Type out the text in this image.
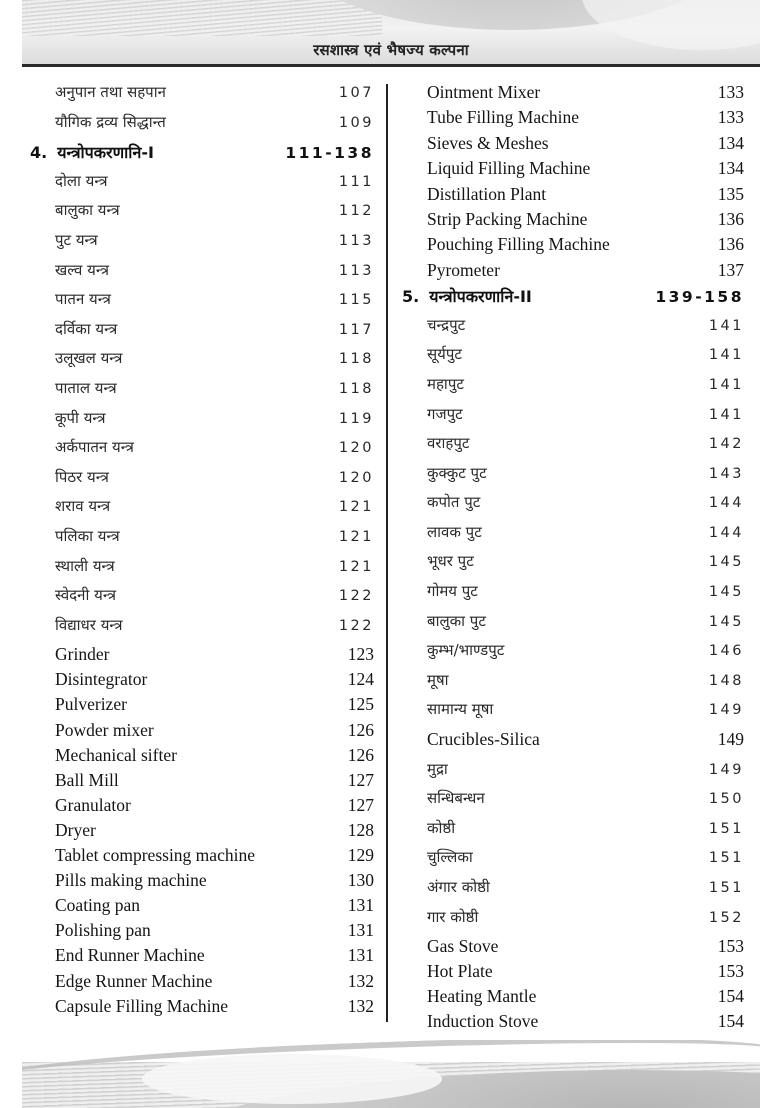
रसशास्त्र एवं भैषज्य कल्पना
अनुपान तथा सहपान	107
यौगिक द्रव्य सिद्धान्त	109
4. यन्त्रोपकरणानि-I	111-138
दोला यन्त्र	111
बालुका यन्त्र	112
पुट यन्त्र	113
खल्व यन्त्र	113
पातन यन्त्र	115
दर्विका यन्त्र	117
उलूखल यन्त्र	118
पाताल यन्त्र	118
कूपी यन्त्र	119
अर्कपातन यन्त्र	120
पिठर यन्त्र	120
शराव यन्त्र	121
पलिका यन्त्र	121
स्थाली यन्त्र	121
स्वेदनी यन्त्र	122
विद्याधर यन्त्र	122
Grinder	123
Disintegrator	124
Pulverizer	125
Powder mixer	126
Mechanical sifter	126
Ball Mill	127
Granulator	127
Dryer	128
Tablet compressing machine	129
Pills making machine	130
Coating pan	131
Polishing pan	131
End Runner Machine	131
Edge Runner Machine	132
Capsule Filling Machine	132
Ointment Mixer	133
Tube Filling Machine	133
Sieves & Meshes	134
Liquid Filling Machine	134
Distillation Plant	135
Strip Packing Machine	136
Pouching Filling Machine	136
Pyrometer	137
5. यन्त्रोपकरणानि-II	139-158
चन्द्रपुट	141
सूर्यपुट	141
महापुट	141
गजपुट	141
वराहपुट	142
कुक्कुट पुट	143
कपोत पुट	144
लावक पुट	144
भूधर पुट	145
गोमय पुट	145
बालुका पुट	145
कुम्भ/भाण्डपुट	146
मूषा	148
सामान्य मूषा	149
Crucibles-Silica	149
मुद्रा	149
सन्धिबन्धन	150
कोष्ठी	151
चुल्लिका	151
अंगार कोष्ठी	151
गार कोष्ठी	152
Gas Stove	153
Hot Plate	153
Heating Mantle	154
Induction Stove	154
